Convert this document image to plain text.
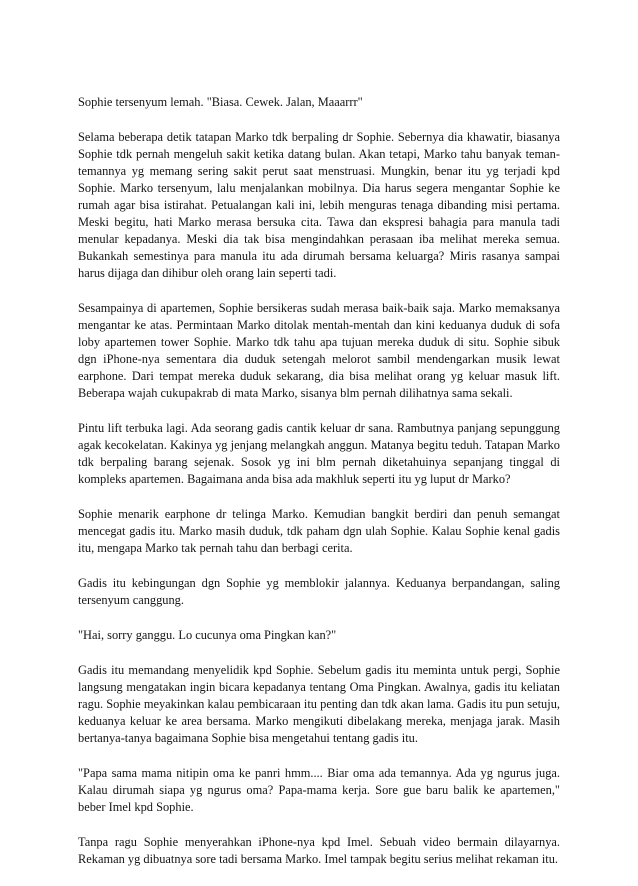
Sophie tersenyum lemah. "Biasa. Cewek. Jalan, Maaarrr"

Selama beberapa detik tatapan Marko tdk berpaling dr Sophie. Sebernya dia khawatir, biasanya Sophie tdk pernah mengeluh sakit ketika datang bulan. Akan tetapi, Marko tahu banyak teman-temannya yg memang sering sakit perut saat menstruasi. Mungkin, benar itu yg terjadi kpd Sophie. Marko tersenyum, lalu menjalankan mobilnya. Dia harus segera mengantar Sophie ke rumah agar bisa istirahat. Petualangan kali ini, lebih menguras tenaga dibanding misi pertama. Meski begitu, hati Marko merasa bersuka cita. Tawa dan ekspresi bahagia para manula tadi menular kepadanya. Meski dia tak bisa mengindahkan perasaan iba melihat mereka semua. Bukankah semestinya para manula itu ada dirumah bersama keluarga? Miris rasanya sampai harus dijaga dan dihibur oleh orang lain seperti tadi.

Sesampainya di apartemen, Sophie bersikeras sudah merasa baik-baik saja. Marko memaksanya mengantar ke atas. Permintaan Marko ditolak mentah-mentah dan kini keduanya duduk di sofa loby apartemen tower Sophie. Marko tdk tahu apa tujuan mereka duduk di situ. Sophie sibuk dgn iPhone-nya sementara dia duduk setengah melorot sambil mendengarkan musik lewat earphone. Dari tempat mereka duduk sekarang, dia bisa melihat orang yg keluar masuk lift. Beberapa wajah cukupakrab di mata Marko, sisanya blm pernah dilihatnya sama sekali.

Pintu lift terbuka lagi. Ada seorang gadis cantik keluar dr sana. Rambutnya panjang sepunggung agak kecokelatan. Kakinya yg jenjang melangkah anggun. Matanya begitu teduh. Tatapan Marko tdk berpaling barang sejenak. Sosok yg ini blm pernah diketahuinya sepanjang tinggal di kompleks apartemen. Bagaimana anda bisa ada makhluk seperti itu yg luput dr Marko?

Sophie menarik earphone dr telinga Marko. Kemudian bangkit berdiri dan penuh semangat mencegat gadis itu. Marko masih duduk, tdk paham dgn ulah Sophie. Kalau Sophie kenal gadis itu, mengapa Marko tak pernah tahu dan berbagi cerita.

Gadis itu kebingungan dgn Sophie yg memblokir jalannya. Keduanya berpandangan, saling tersenyum canggung.

"Hai, sorry ganggu. Lo cucunya oma Pingkan kan?"

Gadis itu memandang menyelidik kpd Sophie. Sebelum gadis itu meminta untuk pergi, Sophie langsung mengatakan ingin bicara kepadanya tentang Oma Pingkan. Awalnya, gadis itu keliatan ragu. Sophie meyakinkan kalau pembicaraan itu penting dan tdk akan lama. Gadis itu pun setuju, keduanya keluar ke area bersama. Marko mengikuti dibelakang mereka, menjaga jarak. Masih bertanya-tanya bagaimana Sophie bisa mengetahui tentang gadis itu.

"Papa sama mama nitipin oma ke panri hmm.... Biar oma ada temannya. Ada yg ngurus juga. Kalau dirumah siapa yg ngurus oma? Papa-mama kerja. Sore gue baru balik ke apartemen," beber Imel kpd Sophie.

Tanpa ragu Sophie menyerahkan iPhone-nya kpd Imel. Sebuah video bermain dilayarnya. Rekaman yg dibuatnya sore tadi bersama Marko. Imel tampak begitu serius melihat rekaman itu.
